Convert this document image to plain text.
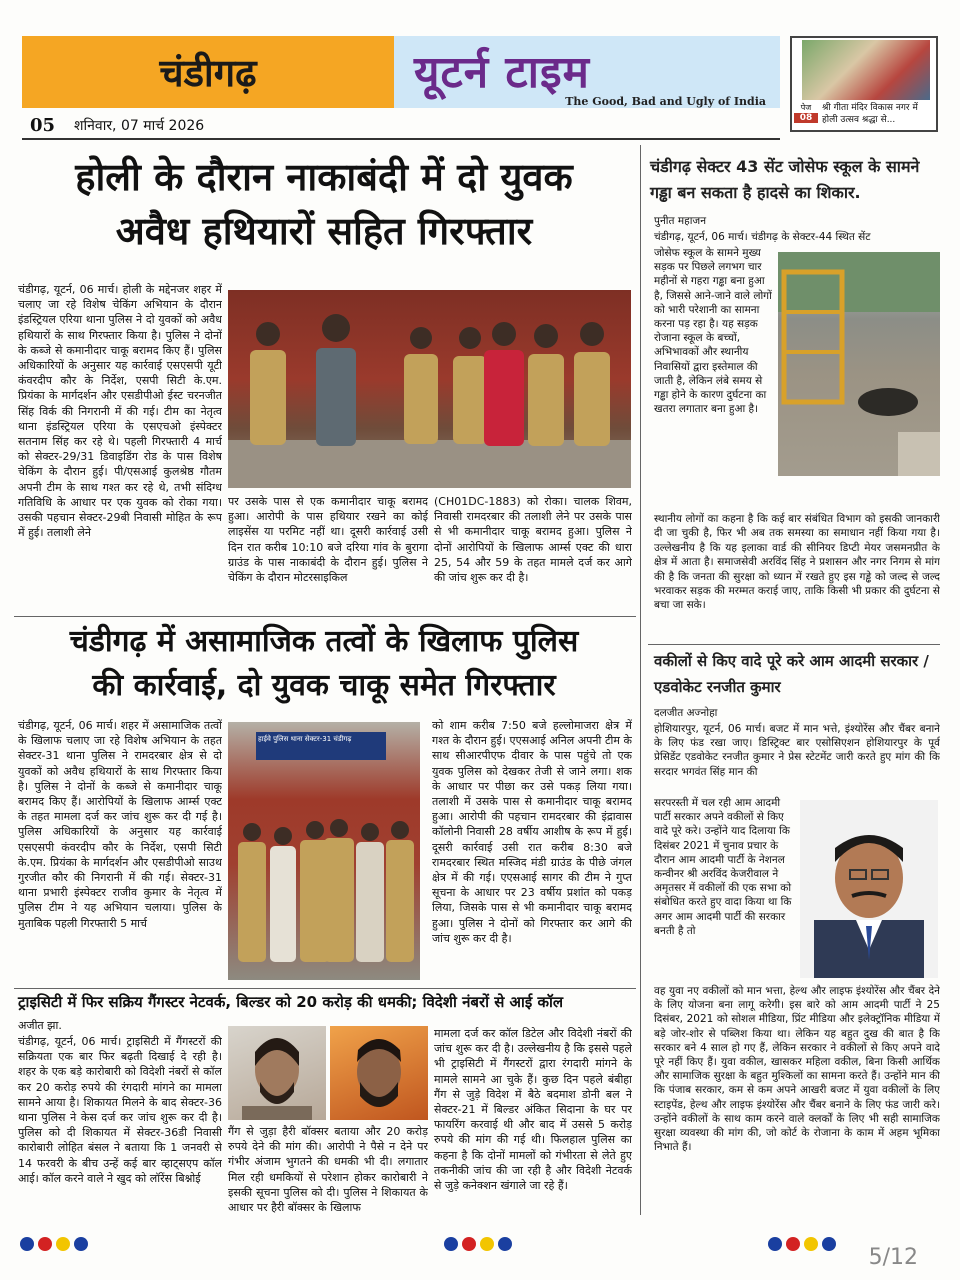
चंडीगढ़	यूटर्न टाइम
The Good, Bad and Ugly of India
05 शनिवार, 07 मार्च 2026
पेज
08
श्री गीता मंदिर विकास नगर में होली उत्सव श्रद्धा से...
होली के दौरान नाकाबंदी में दो युवक
अवैध हथियारों सहित गिरफ्तार
चंडीगढ़, यूटर्न, 06 मार्च। होली के मद्देनजर शहर में चलाए जा रहे विशेष चेकिंग अभियान के दौरान इंडस्ट्रियल एरिया थाना पुलिस ने दो युवकों को अवैध हथियारों के साथ गिरफ्तार किया है। पुलिस ने दोनों के कब्जे से कमानीदार चाकू बरामद किए हैं। पुलिस अधिकारियों के अनुसार यह कार्रवाई एसएसपी यूटी कंवरदीप कौर के निर्देश, एसपी सिटी के.एम. प्रियंका के मार्गदर्शन और एसडीपीओ ईस्ट चरनजीत सिंह विर्क की निगरानी में की गई। टीम का नेतृत्व थाना इंडस्ट्रियल एरिया के एसएचओ इंस्पेक्टर सतनाम सिंह कर रहे थे। पहली गिरफ्तारी 4 मार्च को सेक्टर-29/31 डिवाइडिंग रोड के पास विशेष चेकिंग के दौरान हुई। पी/एसआई कुलश्रेष्ठ गौतम अपनी टीम के साथ गश्त कर रहे थे, तभी संदिग्ध गतिविधि के आधार पर एक युवक को रोका गया। उसकी पहचान सेक्टर-29बी निवासी मोहित के रूप में हुई। तलाशी लेने
पर उसके पास से एक कमानीदार चाकू बरामद हुआ। आरोपी के पास हथियार रखने का कोई लाइसेंस या परमिट नहीं था। दूसरी कार्रवाई उसी दिन रात करीब 10:10 बजे दरिया गांव के बुरागा ग्राउंड के पास नाकाबंदी के दौरान हुई। पुलिस ने चेकिंग के दौरान मोटरसाइकिल
(CH01DC-1883) को रोका। चालक शिवम, निवासी रामदरबार की तलाशी लेने पर उसके पास से भी कमानीदार चाकू बरामद हुआ। पुलिस ने दोनों आरोपियों के खिलाफ आर्म्स एक्ट की धारा 25, 54 और 59 के तहत मामले दर्ज कर आगे की जांच शुरू कर दी है।
चंडीगढ़ में असामाजिक तत्वों के खिलाफ पुलिस
की कार्रवाई, दो युवक चाकू समेत गिरफ्तार
चंडीगढ़, यूटर्न, 06 मार्च। शहर में असामाजिक तत्वों के खिलाफ चलाए जा रहे विशेष अभियान के तहत सेक्टर-31 थाना पुलिस ने रामदरबार क्षेत्र से दो युवकों को अवैध हथियारों के साथ गिरफ्तार किया है। पुलिस ने दोनों के कब्जे से कमानीदार चाकू बरामद किए हैं। आरोपियों के खिलाफ आर्म्स एक्ट के तहत मामला दर्ज कर जांच शुरू कर दी गई है। पुलिस अधिकारियों के अनुसार यह कार्रवाई एसएसपी कंवरदीप कौर के निर्देश, एसपी सिटी के.एम. प्रियंका के मार्गदर्शन और एसडीपीओ साउथ गुरजीत कौर की निगरानी में की गई। सेक्टर-31 थाना प्रभारी इंस्पेक्टर राजीव कुमार के नेतृत्व में पुलिस टीम ने यह अभियान चलाया। पुलिस के मुताबिक पहली गिरफ्तारी 5 मार्च
हाईवे पुलिस थाना सेक्टर-31 चंडीगढ़
को शाम करीब 7:50 बजे हल्लोमाजरा क्षेत्र में गश्त के दौरान हुई। एएसआई अनिल अपनी टीम के साथ सीआरपीएफ दीवार के पास पहुंचे तो एक युवक पुलिस को देखकर तेजी से जाने लगा। शक के आधार पर पीछा कर उसे पकड़ लिया गया। तलाशी में उसके पास से कमानीदार चाकू बरामद हुआ। आरोपी की पहचान रामदरबार की इंद्रावास कॉलोनी निवासी 28 वर्षीय आशीष के रूप में हुई। दूसरी कार्रवाई उसी रात करीब 8:30 बजे रामदरबार स्थित मस्जिद मंडी ग्राउंड के पीछे जंगल क्षेत्र में की गई। एएसआई सागर की टीम ने गुप्त सूचना के आधार पर 23 वर्षीय प्रशांत को पकड़ लिया, जिसके पास से भी कमानीदार चाकू बरामद हुआ। पुलिस ने दोनों को गिरफ्तार कर आगे की जांच शुरू कर दी है।
ट्राइसिटी में फिर सक्रिय गैंगस्टर नेटवर्क, बिल्डर को 20 करोड़ की धमकी; विदेशी नंबरों से आई कॉल
अजीत झा.
चंडीगढ़, यूटर्न, 06 मार्च। ट्राइसिटी में गैंगस्टरों की सक्रियता एक बार फिर बढ़ती दिखाई दे रही है। शहर के एक बड़े कारोबारी को विदेशी नंबरों से कॉल कर 20 करोड़ रुपये की रंगदारी मांगने का मामला सामने आया है। शिकायत मिलने के बाद सेक्टर-36 थाना पुलिस ने केस दर्ज कर जांच शुरू कर दी है। पुलिस को दी शिकायत में सेक्टर-36डी निवासी कारोबारी लोहित बंसल ने बताया कि 1 जनवरी से 14 फरवरी के बीच उन्हें कई बार व्हाट्सएप कॉल आई। कॉल करने वाले ने खुद को लॉरेंस बिश्नोई
गैंग से जुड़ा हैरी बॉक्सर बताया और 20 करोड़ रुपये देने की मांग की। आरोपी ने पैसे न देने पर गंभीर अंजाम भुगतने की धमकी भी दी। लगातार मिल रही धमकियों से परेशान होकर कारोबारी ने इसकी सूचना पुलिस को दी। पुलिस ने शिकायत के आधार पर हैरी बॉक्सर के खिलाफ
मामला दर्ज कर कॉल डिटेल और विदेशी नंबरों की जांच शुरू कर दी है। उल्लेखनीय है कि इससे पहले भी ट्राइसिटी में गैंगस्टरों द्वारा रंगदारी मांगने के मामले सामने आ चुके हैं। कुछ दिन पहले बंबीहा गैंग से जुड़े विदेश में बैठे बदमाश डोनी बल ने सेक्टर-21 में बिल्डर अंकित सिदाना के घर पर फायरिंग करवाई थी और बाद में उससे 5 करोड़ रुपये की मांग की गई थी। फिलहाल पुलिस का कहना है कि दोनों मामलों को गंभीरता से लेते हुए तकनीकी जांच की जा रही है और विदेशी नेटवर्क से जुड़े कनेक्शन खंगाले जा रहे हैं।
चंडीगढ़ सेक्टर 43 सेंट जोसेफ स्कूल के सामने गड्ढा बन सकता है हादसे का शिकार.
पुनीत महाजन
चंडीगढ़, यूटर्न, 06 मार्च। चंडीगढ़ के सेक्टर-44 स्थित सेंट
जोसेफ स्कूल के सामने मुख्य सड़क पर पिछले लगभग चार महीनों से गहरा गड्ढा बना हुआ है, जिससे आने-जाने वाले लोगों को भारी परेशानी का सामना करना पड़ रहा है। यह सड़क रोजाना स्कूल के बच्चों, अभिभावकों और स्थानीय निवासियों द्वारा इस्तेमाल की जाती है, लेकिन लंबे समय से गड्ढा होने के कारण दुर्घटना का खतरा लगातार बना हुआ है।
स्थानीय लोगों का कहना है कि कई बार संबंधित विभाग को इसकी जानकारी दी जा चुकी है, फिर भी अब तक समस्या का समाधान नहीं किया गया है। उल्लेखनीय है कि यह इलाका वार्ड की सीनियर डिप्टी मेयर जसमनप्रीत के क्षेत्र में आता है। समाजसेवी अरविंद सिंह ने प्रशासन और नगर निगम से मांग की है कि जनता की सुरक्षा को ध्यान में रखते हुए इस गड्ढे को जल्द से जल्द भरवाकर सड़क की मरम्मत कराई जाए, ताकि किसी भी प्रकार की दुर्घटना से बचा जा सके।
वकीलों से किए वादे पूरे करे आम आदमी सरकार / एडवोकेट रनजीत कुमार
दलजीत अज्नोहा
होशियारपुर, यूटर्न, 06 मार्च। बजट में मान भत्ते, इंश्योरेंस और चैंबर बनाने के लिए फंड रखा जाए। डिस्ट्रिक्ट बार एसोसिएशन होशियारपुर के पूर्व प्रेसिडेंट एडवोकेट रनजीत कुमार ने प्रेस स्टेटमेंट जारी करते हुए मांग की कि सरदार भगवंत सिंह मान की
सरपरस्ती में चल रही आम आदमी पार्टी सरकार अपने वकीलों से किए वादे पूरे करे। उन्होंने याद दिलाया कि दिसंबर 2021 में चुनाव प्रचार के दौरान आम आदमी पार्टी के नेशनल कन्वीनर श्री अरविंद केजरीवाल ने अमृतसर में वकीलों की एक सभा को संबोधित करते हुए वादा किया था कि अगर आम आदमी पार्टी की सरकार बनती है तो
वह युवा नए वकीलों को मान भत्ता, हेल्थ और लाइफ इंश्योरेंस और चैंबर देने के लिए योजना बना लागू करेगी। इस बारे को आम आदमी पार्टी ने 25 दिसंबर, 2021 को सोशल मीडिया, प्रिंट मीडिया और इलेक्ट्रॉनिक मीडिया में बड़े जोर-शोर से पब्लिश किया था। लेकिन यह बहुत दुख की बात है कि सरकार बने 4 साल हो गए हैं, लेकिन सरकार ने वकीलों से किए अपने वादे पूरे नहीं किए हैं। युवा वकील, खासकर महिला वकील, बिना किसी आर्थिक और सामाजिक सुरक्षा के बहुत मुश्किलों का सामना करते हैं। उन्होंने मान की कि पंजाब सरकार, कम से कम अपने आखरी बजट में युवा वकीलों के लिए स्टाइपेंड, हेल्थ और लाइफ इंश्योरेंस और चैंबर बनाने के लिए फंड जारी करे। उन्होंने वकीलों के साथ काम करने वाले क्लर्कों के लिए भी सही सामाजिक सुरक्षा व्यवस्था की मांग की, जो कोर्ट के रोजाना के काम में अहम भूमिका निभाते हैं।
5/12
